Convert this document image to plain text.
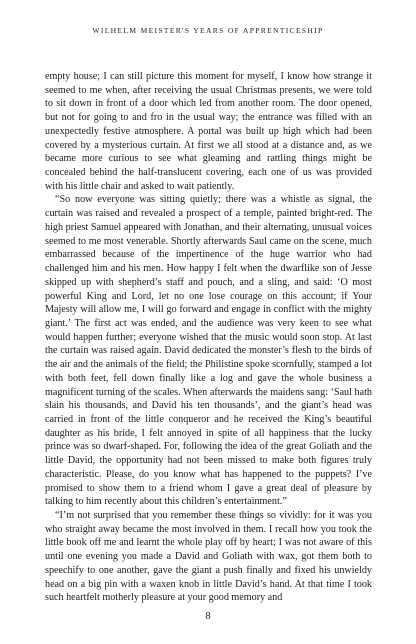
WILHELM MEISTER'S YEARS OF APPRENTICESHIP

empty house; I can still picture this moment for myself, I know how strange it seemed to me when, after receiving the usual Christmas presents, we were told to sit down in front of a door which led from another room. The door opened, but not for going to and fro in the usual way; the entrance was filled with an unexpectedly festive atmosphere. A portal was built up high which had been covered by a mysterious curtain. At first we all stood at a distance and, as we became more curious to see what gleaming and rattling things might be concealed behind the half-translucent covering, each one of us was provided with his little chair and asked to wait patiently.

“So now everyone was sitting quietly; there was a whistle as signal, the curtain was raised and revealed a prospect of a temple, painted bright-red. The high priest Samuel appeared with Jonathan, and their alternating, unusual voices seemed to me most venerable. Shortly afterwards Saul came on the scene, much embarrassed because of the impertinence of the huge warrior who had challenged him and his men. How happy I felt when the dwarflike son of Jesse skipped up with shepherd’s staff and pouch, and a sling, and said: ‘O most powerful King and Lord, let no one lose courage on this account; if Your Majesty will allow me, I will go forward and engage in conflict with the mighty giant.’ The first act was ended, and the audience was very keen to see what would happen further; everyone wished that the music would soon stop. At last the curtain was raised again. David dedicated the monster’s flesh to the birds of the air and the animals of the field; the Philistine spoke scornfully, stamped a lot with both feet, fell down finally like a log and gave the whole business a magnificent turning of the scales. When afterwards the maidens sang: ‘Saul hath slain his thousands, and David his ten thousands’, and the giant’s head was carried in front of the little conqueror and he received the King’s beautiful daughter as his bride, I felt annoyed in spite of all happiness that the lucky prince was so dwarf-shaped. For, following the idea of the great Goliath and the little David, the opportunity had not been missed to make both figures truly characteristic. Please, do you know what has happened to the puppets? I’ve promised to show them to a friend whom I gave a great deal of pleasure by talking to him recently about this children’s entertainment.”

“I’m not surprised that you remember these things so vividly: for it was you who straight away became the most involved in them. I recall how you took the little book off me and learnt the whole play off by heart; I was not aware of this until one evening you made a David and Goliath with wax, got them both to speechify to one another, gave the giant a push finally and fixed his unwieldy head on a big pin with a waxen knob in little David’s hand. At that time I took such heartfelt motherly pleasure at your good memory and

8
